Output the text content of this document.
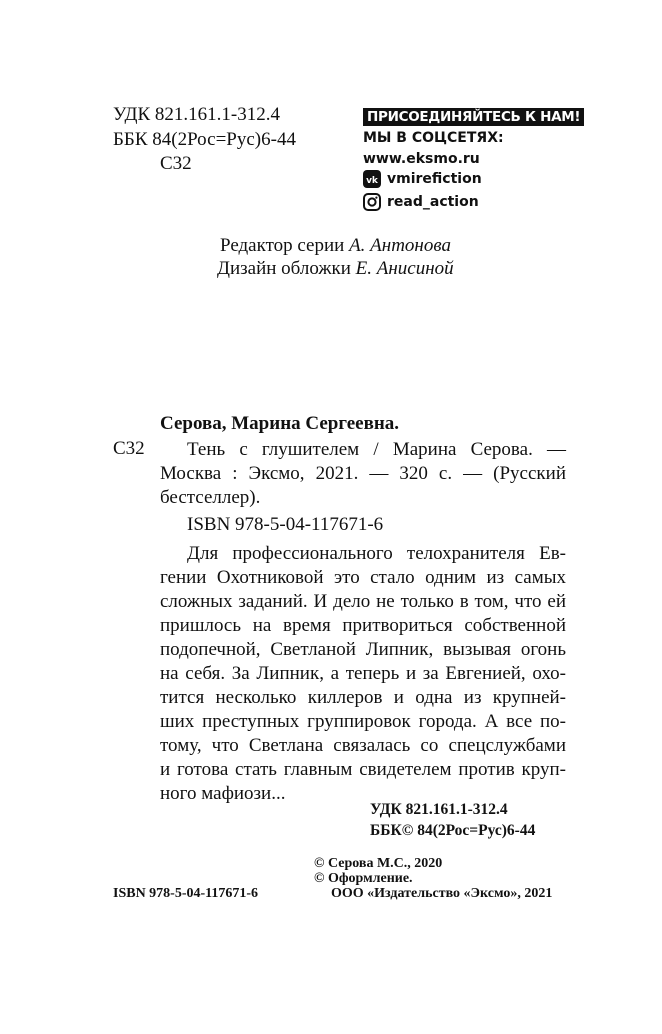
УДК 821.161.1-312.4
ББК 84(2Рос=Рус)6-44
С32
ПРИСОЕДИНЯЙТЕСЬ К НАМ!
МЫ В СОЦСЕТЯХ:
www.eksmo.ru
vk vmirefiction
read_action
Редактор серии А. Антонова
Дизайн обложки Е. Анисиной
Серова, Марина Сергеевна.
С32 Тень с глушителем / Марина Серова. —
Москва : Эксмо, 2021. — 320 с. — (Русский
бестселлер).
ISBN 978-5-04-117671-6
Для профессионального телохранителя Ев-
гении Охотниковой это стало одним из самых
сложных заданий. И дело не только в том, что ей
пришлось на время притвориться собственной
подопечной, Светланой Липник, вызывая огонь
на себя. За Липник, а теперь и за Евгенией, охо-
тится несколько киллеров и одна из крупней-
ших преступных группировок города. А все по-
тому, что Светлана связалась со спецслужбами
и готова стать главным свидетелем против круп-
ного мафиози...
УДК 821.161.1-312.4
ББК© 84(2Рос=Рус)6-44
© Серова М.С., 2020
© Оформление.
ООО «Издательство «Эксмо», 2021
ISBN 978-5-04-117671-6
